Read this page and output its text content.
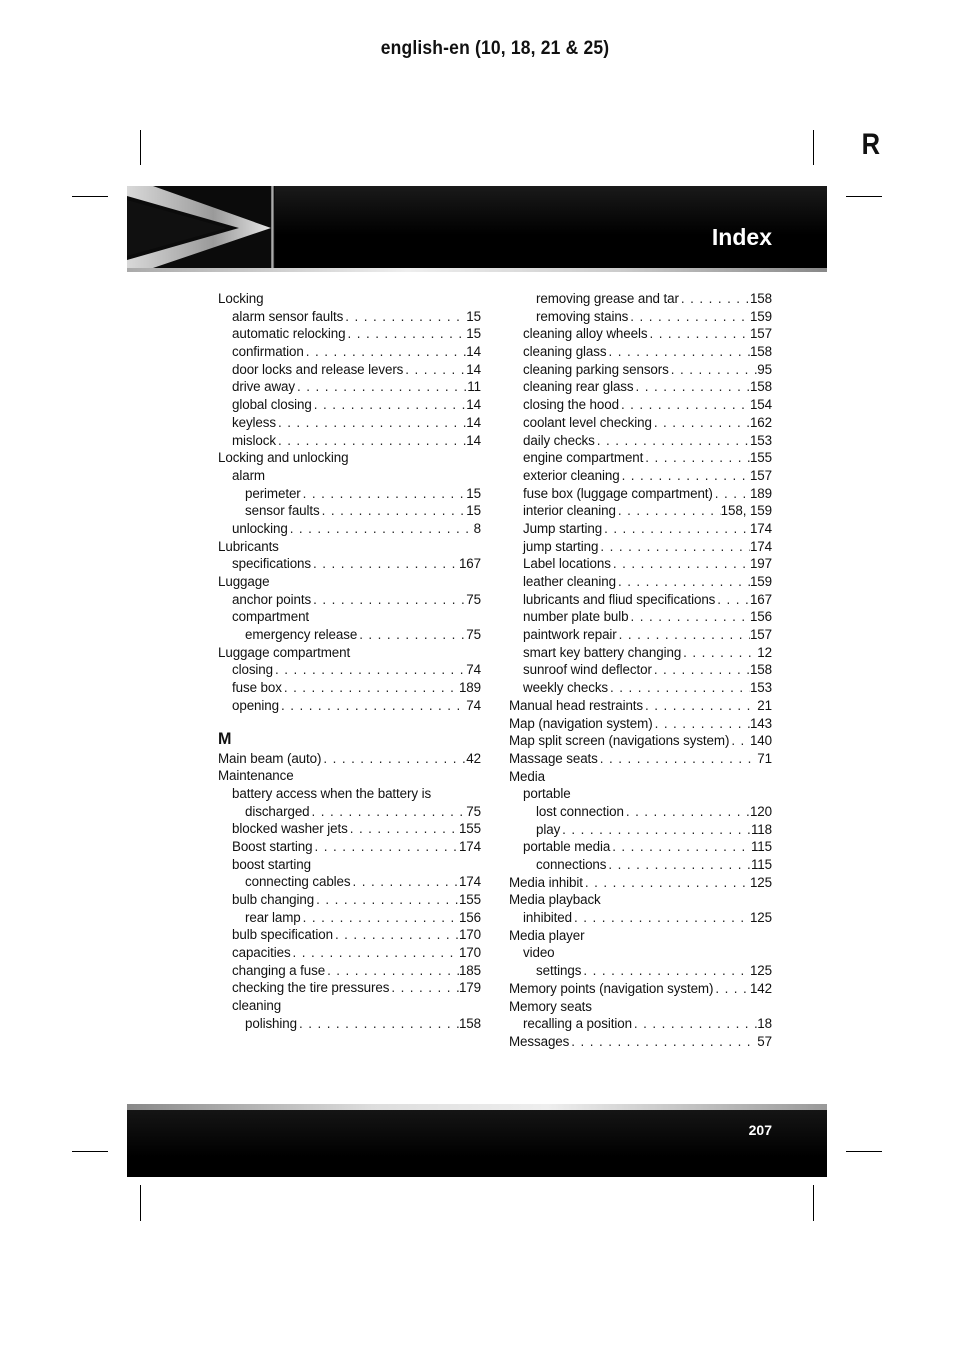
english-en (10, 18, 21 & 25)
R
Index
Locking
alarm sensor faults . . .	15
automatic relocking . . .	15
confirmation . . .	14
door locks and release levers . . .	14
drive away . . .	11
global closing . . .	14
keyless . . .	14
mislock . . .	14
Locking and unlocking
alarm
perimeter . . .	15
sensor faults . . .	15
unlocking . . .	8
Lubricants
specifications . . .	167
Luggage
anchor points . . .	75
compartment
emergency release . . .	75
Luggage compartment
closing . . .	74
fuse box . . .	189
opening . . .	74
M
Main beam (auto) . . .	42
Maintenance
battery access when the battery is
discharged . . .	75
blocked washer jets . . .	155
Boost starting . . .	174
boost starting
connecting cables . . .	174
bulb changing . . .	155
rear lamp . . .	156
bulb specification . . .	170
capacities . . .	170
changing a fuse . . .	185
checking the tire pressures . . .	179
cleaning
polishing . . .	158
removing grease and tar . . .	158
removing stains . . .	159
cleaning alloy wheels . . .	157
cleaning glass . . .	158
cleaning parking sensors . . .	95
cleaning rear glass . . .	158
closing the hood . . .	154
coolant level checking . . .	162
daily checks . . .	153
engine compartment . . .	155
exterior cleaning . . .	157
fuse box (luggage compartment) . . .	189
interior cleaning . . .	158, 159
Jump starting . . .	174
jump starting . . .	174
Label locations . . .	197
leather cleaning . . .	159
lubricants and fliud specifications . . .	167
number plate bulb . . .	156
paintwork repair . . .	157
smart key battery changing . . .	12
sunroof wind deflector . . .	158
weekly checks . . .	153
Manual head restraints . . .	21
Map (navigation system) . . .	143
Map split screen (navigations system) . . . 140
Massage seats . . .	71
Media
portable
lost connection . . .	120
play . . .	118
portable media . . .	115
connections . . .	115
Media inhibit . . .	125
Media playback
inhibited . . .	125
Media player
video
settings . . .	125
Memory points (navigation system) . . .	142
Memory seats
recalling a position . . .	18
Messages . . .	57
207
